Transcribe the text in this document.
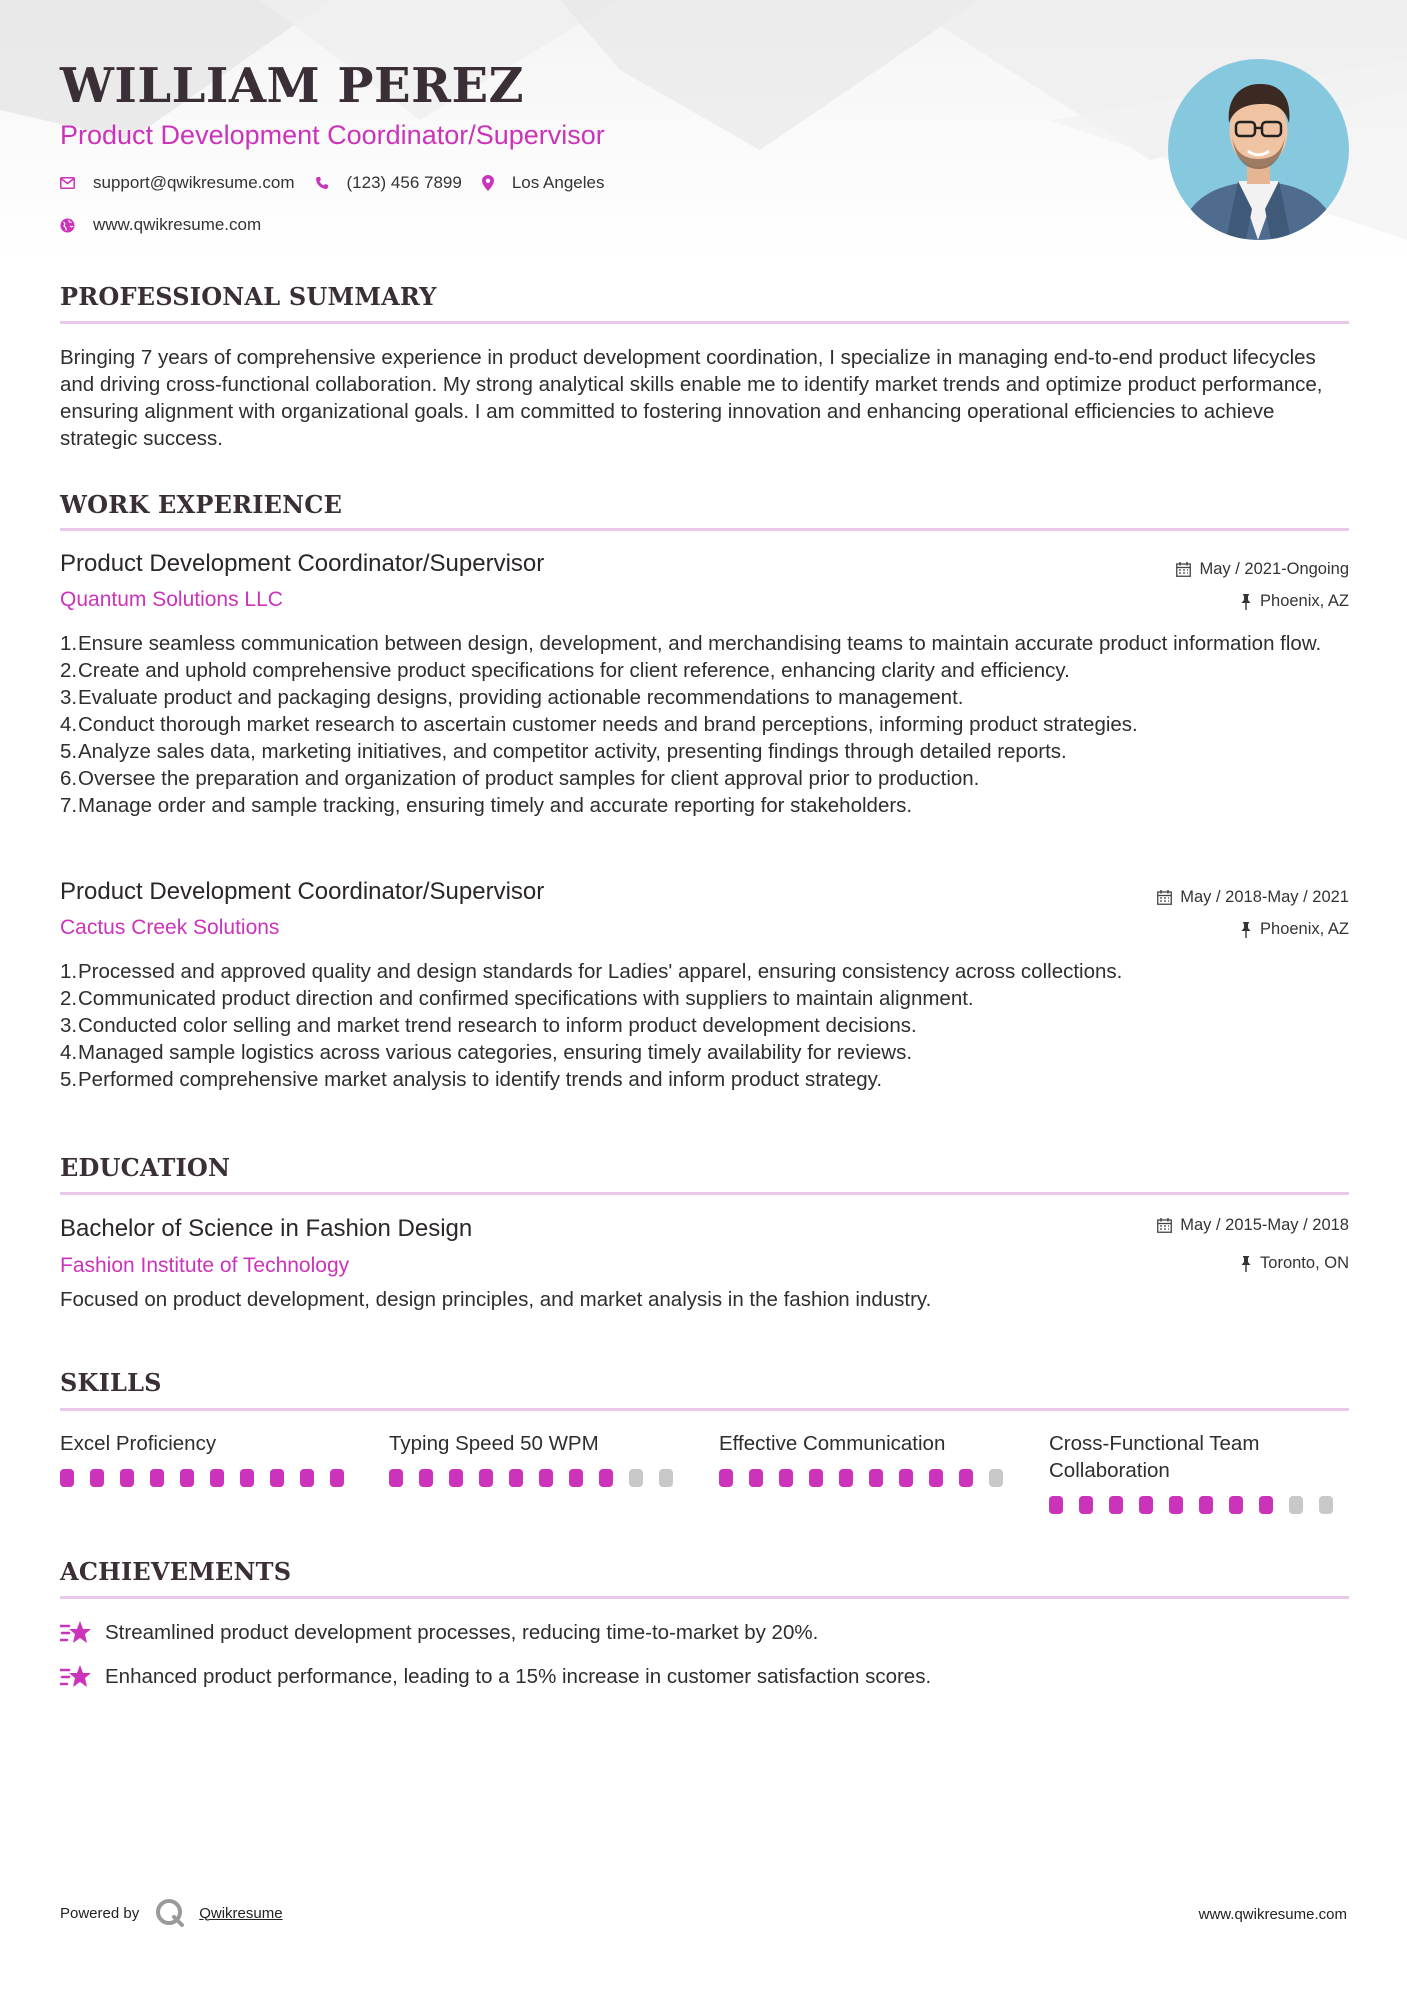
WILLIAM PEREZ
Product Development Coordinator/Supervisor
support@qwikresume.com	(123) 456 7899	Los Angeles
www.qwikresume.com
PROFESSIONAL SUMMARY
Bringing 7 years of comprehensive experience in product development coordination, I specialize in managing end-to-end product lifecycles and driving cross-functional collaboration. My strong analytical skills enable me to identify market trends and optimize product performance, ensuring alignment with organizational goals. I am committed to fostering innovation and enhancing operational efficiencies to achieve strategic success.
WORK EXPERIENCE
Product Development Coordinator/Supervisor
Quantum Solutions LLC
May / 2021-Ongoing
Phoenix, AZ
1. Ensure seamless communication between design, development, and merchandising teams to maintain accurate product information flow.
2. Create and uphold comprehensive product specifications for client reference, enhancing clarity and efficiency.
3. Evaluate product and packaging designs, providing actionable recommendations to management.
4. Conduct thorough market research to ascertain customer needs and brand perceptions, informing product strategies.
5. Analyze sales data, marketing initiatives, and competitor activity, presenting findings through detailed reports.
6. Oversee the preparation and organization of product samples for client approval prior to production.
7. Manage order and sample tracking, ensuring timely and accurate reporting for stakeholders.
Product Development Coordinator/Supervisor
Cactus Creek Solutions
May / 2018-May / 2021
Phoenix, AZ
1. Processed and approved quality and design standards for Ladies' apparel, ensuring consistency across collections.
2. Communicated product direction and confirmed specifications with suppliers to maintain alignment.
3. Conducted color selling and market trend research to inform product development decisions.
4. Managed sample logistics across various categories, ensuring timely availability for reviews.
5. Performed comprehensive market analysis to identify trends and inform product strategy.
EDUCATION
Bachelor of Science in Fashion Design
Fashion Institute of Technology
May / 2015-May / 2018
Toronto, ON
Focused on product development, design principles, and market analysis in the fashion industry.
SKILLS
Excel Proficiency	Typing Speed 50 WPM	Effective Communication	Cross-Functional Team Collaboration
ACHIEVEMENTS
Streamlined product development processes, reducing time-to-market by 20%.
Enhanced product performance, leading to a 15% increase in customer satisfaction scores.
Powered by	Qwikresume	www.qwikresume.com
